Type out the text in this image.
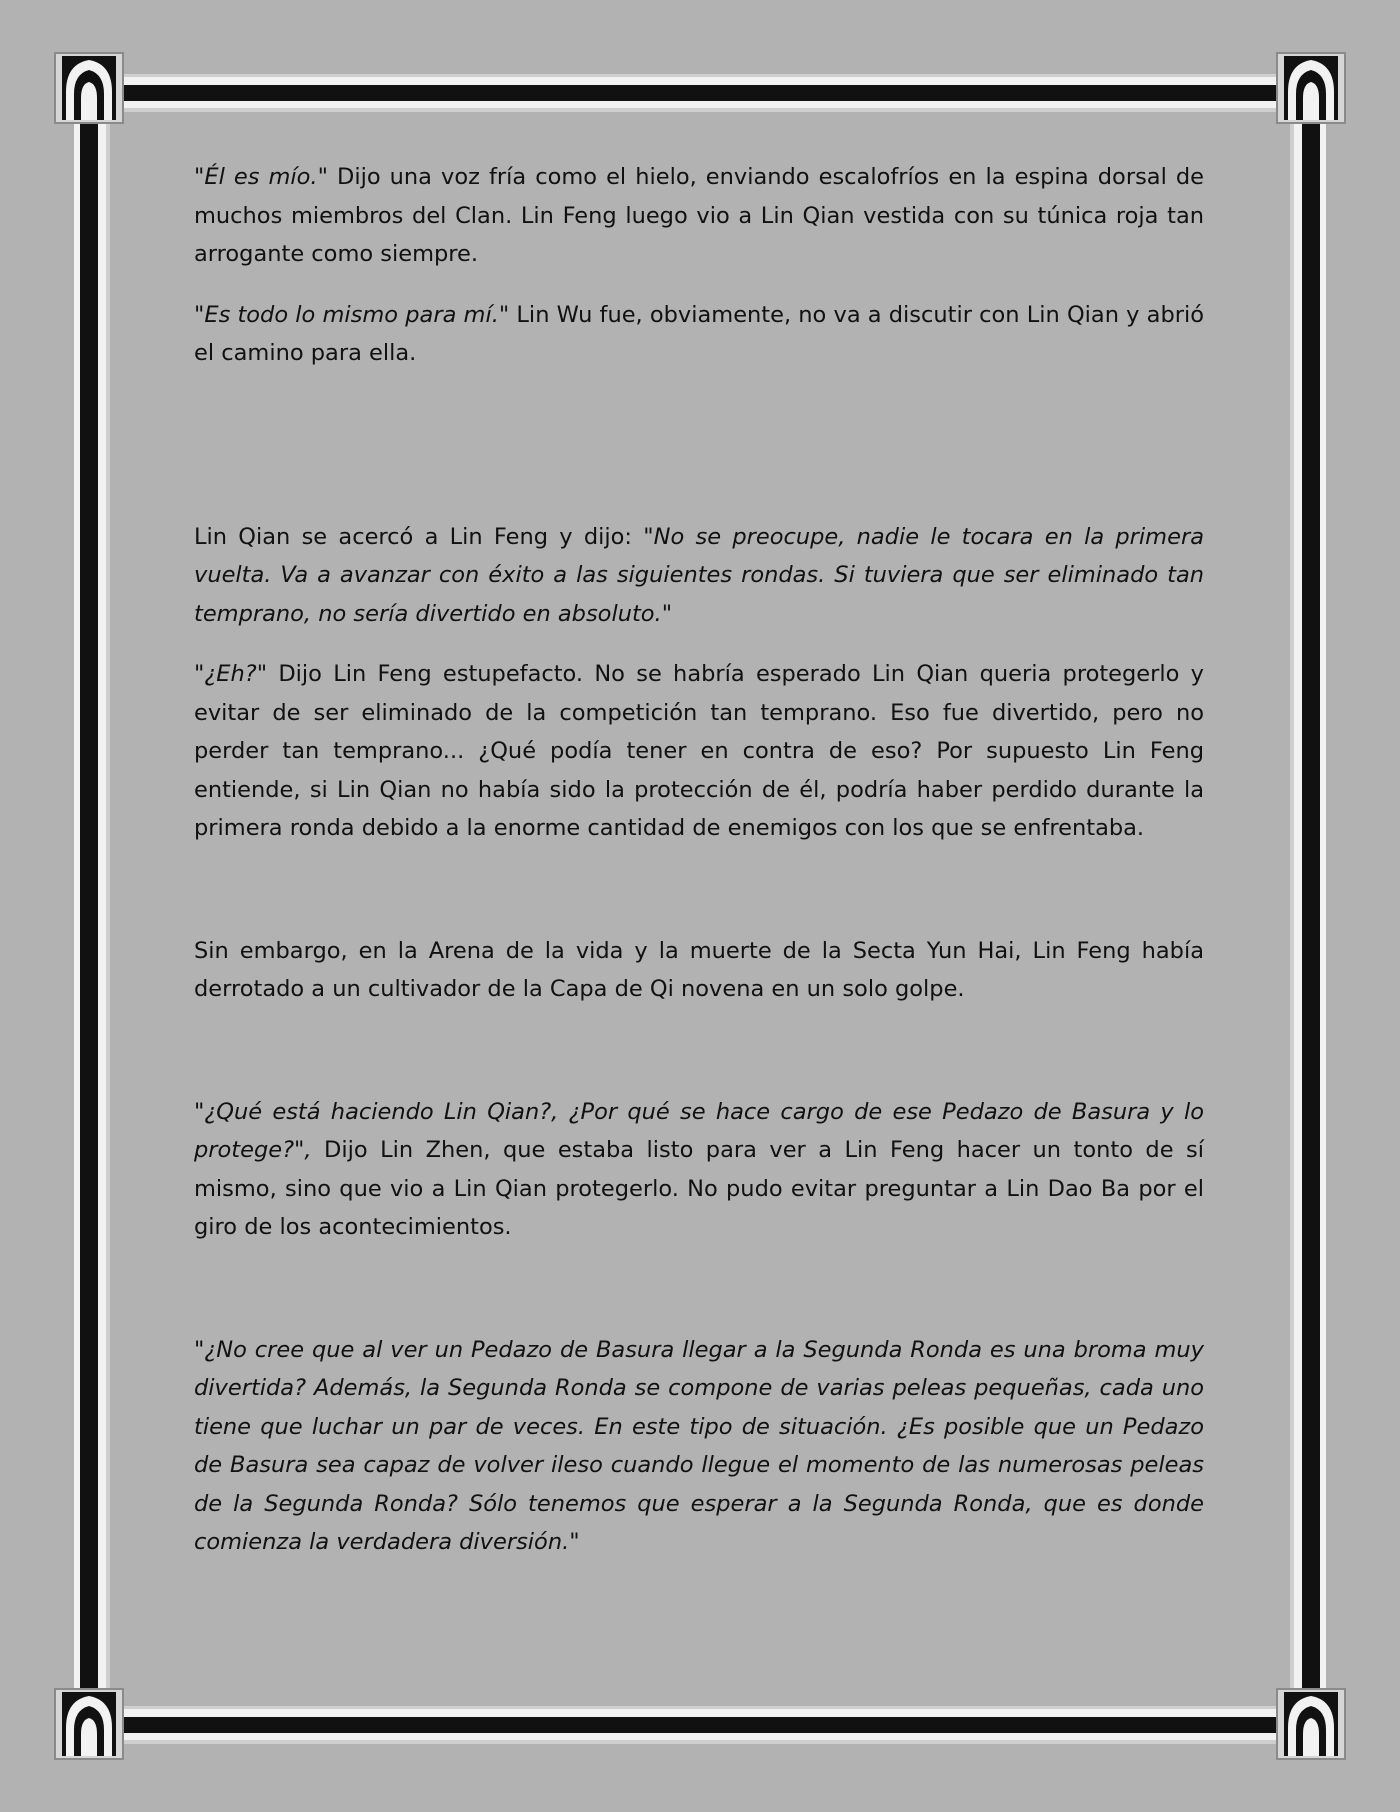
"Él es mío." Dijo una voz fría como el hielo, enviando escalofríos en la espina dorsal de muchos miembros del Clan. Lin Feng luego vio a Lin Qian vestida con su túnica roja tan arrogante como siempre.

"Es todo lo mismo para mí." Lin Wu fue, obviamente, no va a discutir con Lin Qian y abrió el camino para ella.

Lin Qian se acercó a Lin Feng y dijo: "No se preocupe, nadie le tocara en la primera vuelta. Va a avanzar con éxito a las siguientes rondas. Si tuviera que ser eliminado tan temprano, no sería divertido en absoluto."

"¿Eh?" Dijo Lin Feng estupefacto. No se habría esperado Lin Qian queria protegerlo y evitar de ser eliminado de la competición tan temprano. Eso fue divertido, pero no perder tan temprano... ¿Qué podía tener en contra de eso? Por supuesto Lin Feng entiende, si Lin Qian no había sido la protección de él, podría haber perdido durante la primera ronda debido a la enorme cantidad de enemigos con los que se enfrentaba.

Sin embargo, en la Arena de la vida y la muerte de la Secta Yun Hai, Lin Feng había derrotado a un cultivador de la Capa de Qi novena en un solo golpe.

"¿Qué está haciendo Lin Qian?, ¿Por qué se hace cargo de ese Pedazo de Basura y lo protege?", Dijo Lin Zhen, que estaba listo para ver a Lin Feng hacer un tonto de sí mismo, sino que vio a Lin Qian protegerlo. No pudo evitar preguntar a Lin Dao Ba por el giro de los acontecimientos.

"¿No cree que al ver un Pedazo de Basura llegar a la Segunda Ronda es una broma muy divertida? Además, la Segunda Ronda se compone de varias peleas pequeñas, cada uno tiene que luchar un par de veces. En este tipo de situación. ¿Es posible que un Pedazo de Basura sea capaz de volver ileso cuando llegue el momento de las numerosas peleas de la Segunda Ronda? Sólo tenemos que esperar a la Segunda Ronda, que es donde comienza la verdadera diversión."
